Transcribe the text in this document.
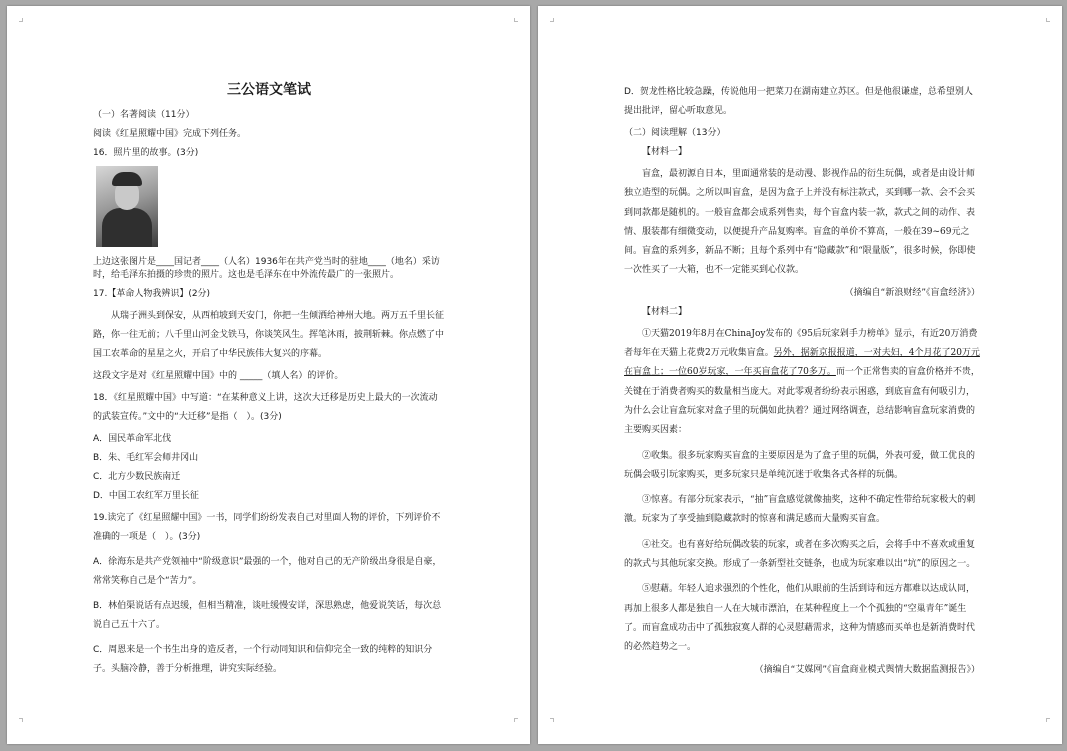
三公语文笔试
（一）名著阅读（11分）
阅读《红星照耀中国》完成下列任务。
16．照片里的故事。(3分)
上边这张图片是____国记者____（人名）1936年在共产党当时的驻地____（地名）采访
时，给毛泽东拍摄的珍贵的照片。这也是毛泽东在中外流传最广的一张照片。
17.【革命人物我辨识】(2分)
从瑞子洲头到保安，从西柏坡到天安门，你把一生倾洒给神州大地。两万五千里长征路，你一往无前；八千里山河金戈铁马，你谈笑风生。挥笔沐雨，披荆斩棘。你点燃了中国工农革命的星星之火，开启了中华民族伟大复兴的序幕。
这段文字是对《红星照耀中国》中的 _____（填人名）的评价。
18．《红星照耀中国》中写道：“在某种意义上讲，这次大迁移是历史上最大的一次流动的武装宣传。”文中的“大迁移”是指（　）。(3分)
A．国民革命军北伐
B．朱、毛红军会师井冈山
C．北方少数民族南迁
D．中国工农红军万里长征
19.读完了《红星照耀中国》一书，同学们纷纷发表自己对里面人物的评价，下列评价不准确的一项是（　）。(3分)
A．徐海东是共产党领袖中“阶级意识”最强的一个，他对自己的无产阶级出身很是自豪，常常笑称自己是个“苦力”。
B．林伯渠说话有点迟缓，但相当精准，谈吐缓慢安详，深思熟虑，他爱说笑话，每次总说自己五十六了。
C．周恩来是一个书生出身的造反者，一个行动同知识和信仰完全一致的纯粹的知识分子。头脑冷静，善于分析推理，讲究实际经验。
D．贺龙性格比较急躁，传说他用一把菜刀在湖南建立苏区。但是他很谦虚，总希望别人提出批评，留心听取意见。
（二）阅读理解（13分）
【材料一】
盲盒，最初源自日本，里面通常装的是动漫、影视作品的衍生玩偶，或者是由设计师独立造型的玩偶。之所以叫盲盒，是因为盒子上并没有标注款式，买到哪一款、会不会买到同款都是随机的。一般盲盒都会成系列售卖，每个盲盒内装一款，款式之间的动作、表情、服装都有细微变动，以便提升产品复购率。盲盒的单价不算高，一般在39~69元之间。盲盒的系列多，新品不断；且每个系列中有“隐藏款”和“限量版”，很多时候，你即使一次性买了一大箱，也不一定能买到心仪款。
（摘编自“新浪财经”《盲盒经济》）
【材料二】
①天猫2019年8月在ChinaJoy发布的《95后玩家剁手力榜单》显示，有近20万消费者每年在天猫上花费2万元收集盲盒。另外，据新京报报道，一对夫妇，4个月花了20万元在盲盒上；一位60岁玩家，一年买盲盒花了70多万。而一个正常售卖的盲盒价格并不贵，关键在于消费者购买的数量相当庞大。对此零观者纷纷表示困惑，到底盲盒有何吸引力，为什么会让盲盒玩家对盒子里的玩偶如此执着？通过网络调查，总结影响盲盒玩家消费的主要购买因素：
②收集。很多玩家购买盲盒的主要原因是为了盒子里的玩偶，外表可爱，做工优良的玩偶会吸引玩家购买，更多玩家只是单纯沉迷于收集各式各样的玩偶。
③惊喜。有部分玩家表示，“抽”盲盒感觉就像抽奖，这种不确定性带给玩家极大的刺激。玩家为了享受抽到隐藏款时的惊喜和满足感而大量购买盲盒。
④社交。也有喜好给玩偶改装的玩家，或者在多次购买之后，会将手中不喜欢或重复的款式与其他玩家交换。形成了一条新型社交链条，也成为玩家难以出“坑”的原因之一。
⑤慰藉。年轻人追求强烈的个性化，他们从眼前的生活到诗和远方都难以达成认同，再加上很多人都是独自一人在大城市漂泊，在某种程度上一个个孤独的“空巢青年”诞生了。而盲盒成功击中了孤独寂寞人群的心灵慰藉需求，这种为情感而买单也是新消费时代的必然趋势之一。
（摘编自“艾媒网”《盲盒商业模式舆情大数据监测报告》）
